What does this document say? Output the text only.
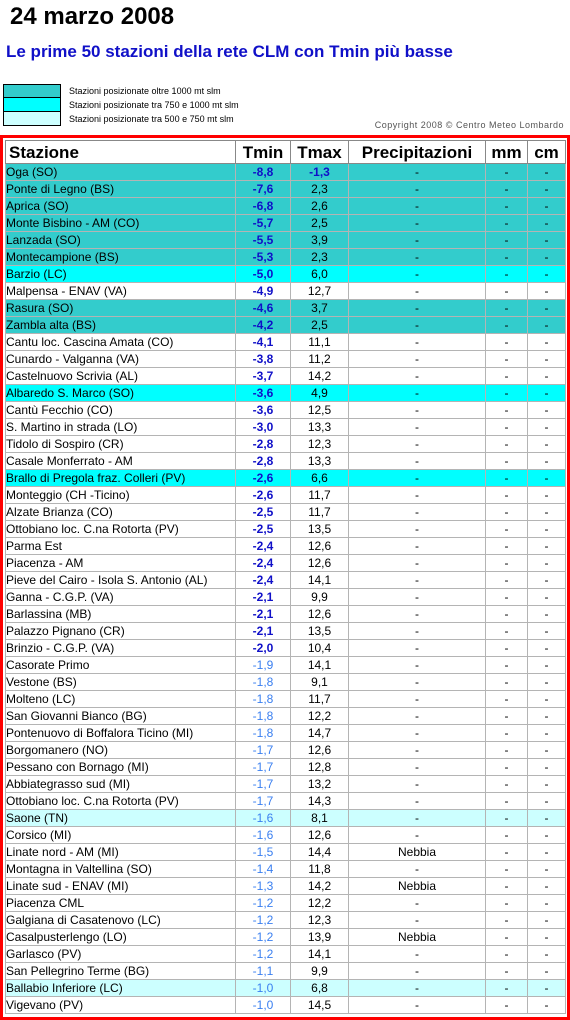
24 marzo 2008
Le prime 50 stazioni della rete CLM con Tmin più basse
Stazioni posizionate oltre 1000 mt slm
Stazioni posizionate tra 750 e 1000 mt slm
Stazioni posizionate tra 500 e 750 mt slm
Copyright 2008 © Centro Meteo Lombardo
Stazione	Tmin	Tmax	Precipitazioni	mm	cm
Oga (SO)	-8,8	-1,3	-	-	-
Ponte di Legno (BS)	-7,6	2,3	-	-	-
Aprica (SO)	-6,8	2,6	-	-	-
Monte Bisbino - AM (CO)	-5,7	2,5	-	-	-
Lanzada (SO)	-5,5	3,9	-	-	-
Montecampione (BS)	-5,3	2,3	-	-	-
Barzio (LC)	-5,0	6,0	-	-	-
Malpensa - ENAV (VA)	-4,9	12,7	-	-	-
Rasura (SO)	-4,6	3,7	-	-	-
Zambla alta (BS)	-4,2	2,5	-	-	-
Cantu loc. Cascina Amata (CO)	-4,1	11,1	-	-	-
Cunardo - Valganna (VA)	-3,8	11,2	-	-	-
Castelnuovo Scrivia (AL)	-3,7	14,2	-	-	-
Albaredo S. Marco (SO)	-3,6	4,9	-	-	-
Cantù Fecchio (CO)	-3,6	12,5	-	-	-
S. Martino in strada (LO)	-3,0	13,3	-	-	-
Tidolo di Sospiro (CR)	-2,8	12,3	-	-	-
Casale Monferrato - AM	-2,8	13,3	-	-	-
Brallo di Pregola fraz. Colleri (PV)	-2,6	6,6	-	-	-
Monteggio (CH -Ticino)	-2,6	11,7	-	-	-
Alzate Brianza (CO)	-2,5	11,7	-	-	-
Ottobiano loc. C.na Rotorta (PV)	-2,5	13,5	-	-	-
Parma Est	-2,4	12,6	-	-	-
Piacenza - AM	-2,4	12,6	-	-	-
Pieve del Cairo - Isola S. Antonio (AL)	-2,4	14,1	-	-	-
Ganna - C.G.P. (VA)	-2,1	9,9	-	-	-
Barlassina (MB)	-2,1	12,6	-	-	-
Palazzo Pignano (CR)	-2,1	13,5	-	-	-
Brinzio - C.G.P. (VA)	-2,0	10,4	-	-	-
Casorate Primo	-1,9	14,1	-	-	-
Vestone (BS)	-1,8	9,1	-	-	-
Molteno (LC)	-1,8	11,7	-	-	-
San Giovanni Bianco (BG)	-1,8	12,2	-	-	-
Pontenuovo di Boffalora Ticino (MI)	-1,8	14,7	-	-	-
Borgomanero (NO)	-1,7	12,6	-	-	-
Pessano con Bornago (MI)	-1,7	12,8	-	-	-
Abbiategrasso sud (MI)	-1,7	13,2	-	-	-
Ottobiano loc. C.na Rotorta (PV)	-1,7	14,3	-	-	-
Saone (TN)	-1,6	8,1	-	-	-
Corsico (MI)	-1,6	12,6	-	-	-
Linate nord - AM (MI)	-1,5	14,4	Nebbia	-	-
Montagna in Valtellina (SO)	-1,4	11,8	-	-	-
Linate sud - ENAV (MI)	-1,3	14,2	Nebbia	-	-
Piacenza CML	-1,2	12,2	-	-	-
Galgiana di Casatenovo (LC)	-1,2	12,3	-	-	-
Casalpusterlengo (LO)	-1,2	13,9	Nebbia	-	-
Garlasco (PV)	-1,2	14,1	-	-	-
San Pellegrino Terme (BG)	-1,1	9,9	-	-	-
Ballabio Inferiore (LC)	-1,0	6,8	-	-	-
Vigevano (PV)	-1,0	14,5	-	-	-
